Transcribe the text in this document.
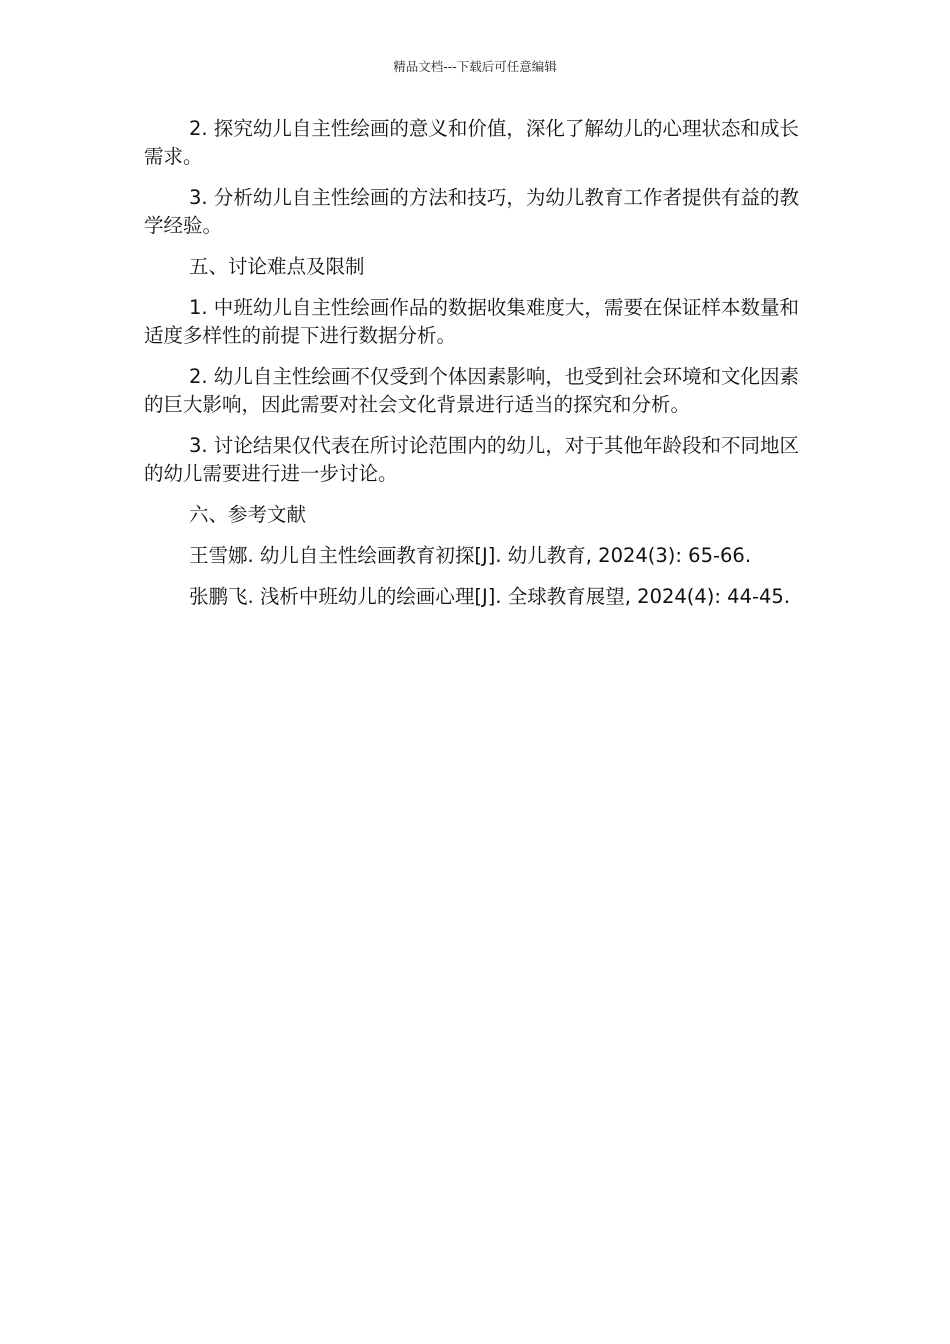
精品文档---下载后可任意编辑

2. 探究幼儿自主性绘画的意义和价值，深化了解幼儿的心理状态和成长需求。

3. 分析幼儿自主性绘画的方法和技巧，为幼儿教育工作者提供有益的教学经验。

五、讨论难点及限制

1. 中班幼儿自主性绘画作品的数据收集难度大，需要在保证样本数量和适度多样性的前提下进行数据分析。

2. 幼儿自主性绘画不仅受到个体因素影响，也受到社会环境和文化因素的巨大影响，因此需要对社会文化背景进行适当的探究和分析。

3. 讨论结果仅代表在所讨论范围内的幼儿，对于其他年龄段和不同地区的幼儿需要进行进一步讨论。

六、参考文献

王雪娜. 幼儿自主性绘画教育初探[J]. 幼儿教育, 2024(3): 65-66.

张鹏飞. 浅析中班幼儿的绘画心理[J]. 全球教育展望, 2024(4): 44-45.
